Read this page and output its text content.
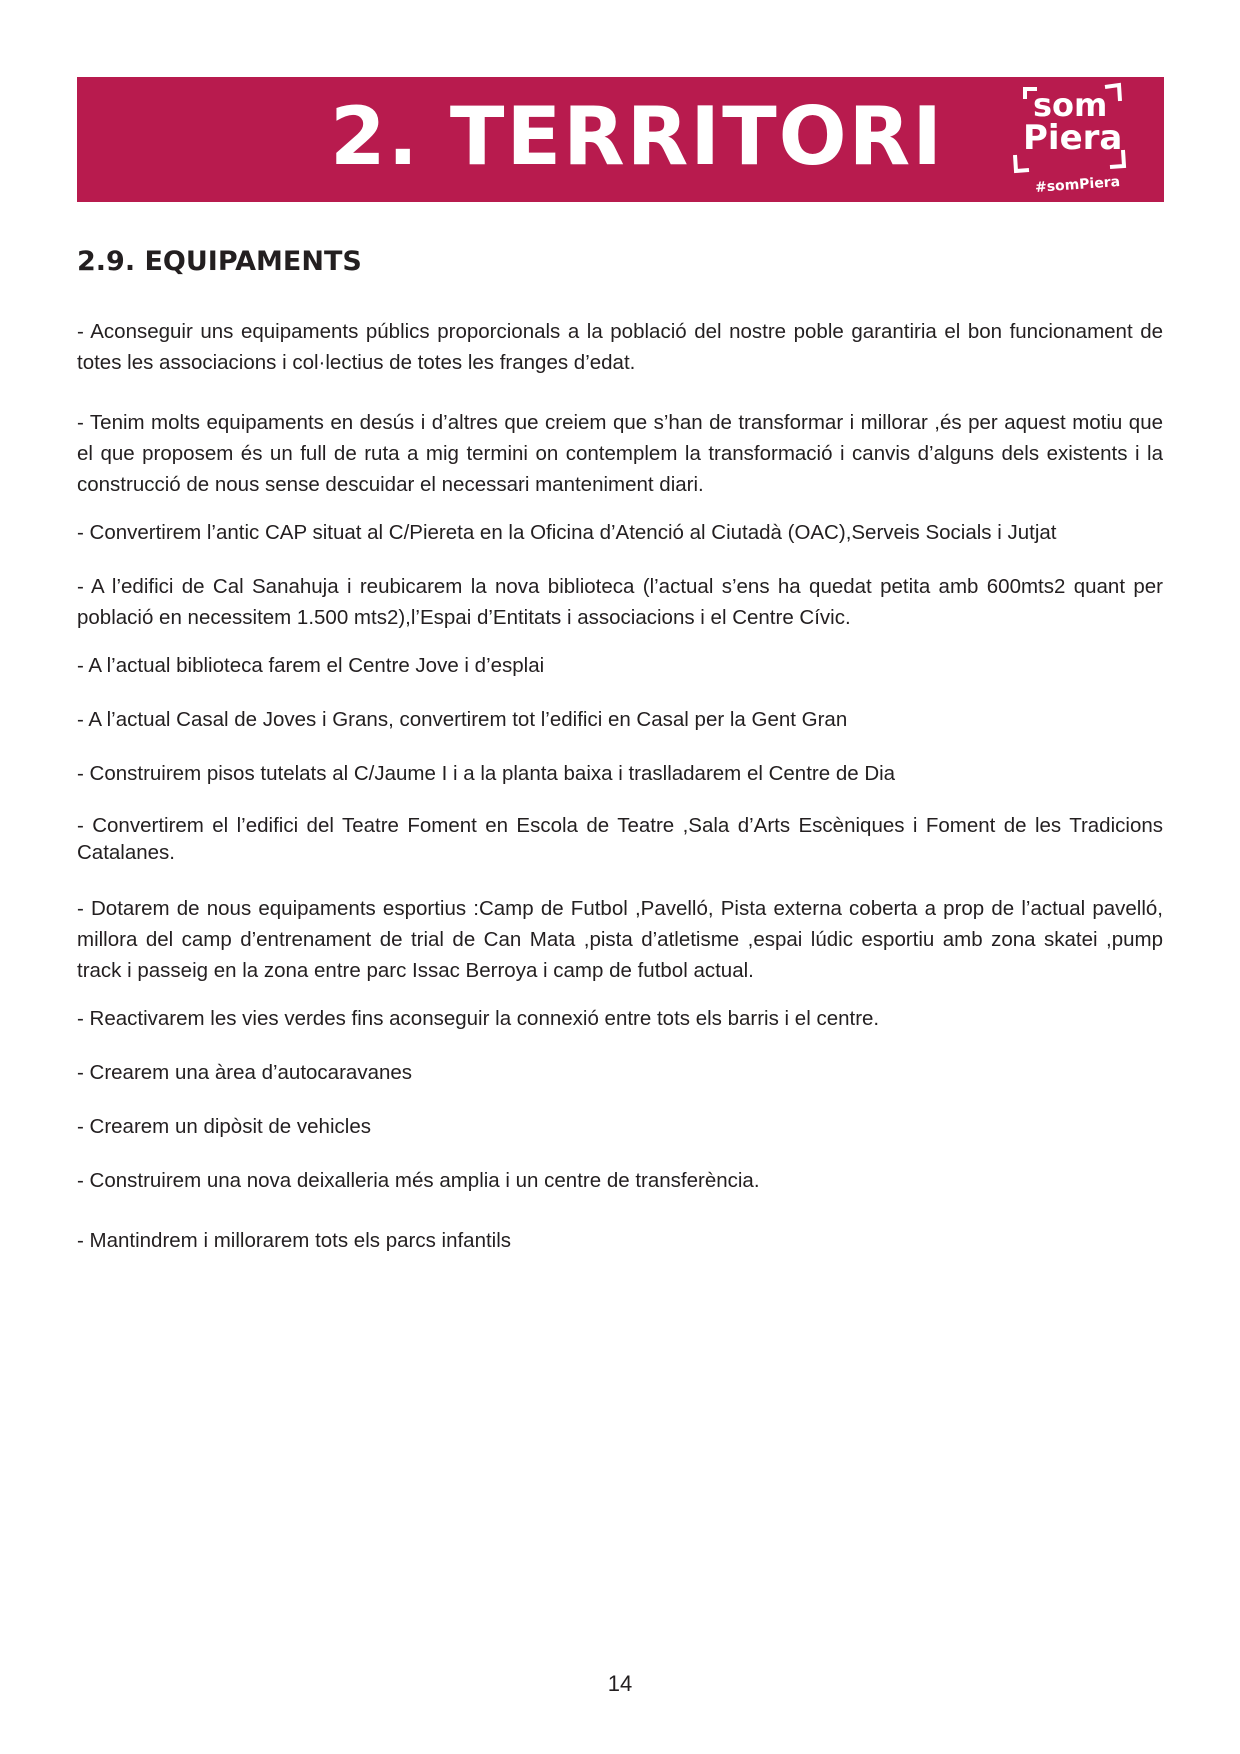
2. TERRITORI	som
Piera
#somPiera
2.9. EQUIPAMENTS

- Aconseguir uns equipaments públics proporcionals a la població del nostre poble garantiria el bon funcionament de totes les associacions i col·lectius de totes les franges d’edat.

- Tenim molts equipaments en desús i d’altres que creiem que s’han de transformar i millorar ,és per aquest motiu que el que proposem és un full de ruta a mig termini on contemplem la transformació i canvis d’alguns dels existents i la construcció de nous sense descuidar el necessari manteniment diari.

- Convertirem l’antic CAP situat al C/Piereta en la Oficina d’Atenció al Ciutadà (OAC),Serveis Socials i Jutjat

- A l’edifici de Cal Sanahuja i reubicarem la nova biblioteca (l’actual s’ens ha quedat petita amb 600mts2 quant per població en necessitem 1.500 mts2),l’Espai d’Entitats i associacions i el Centre Cívic.

- A l’actual biblioteca farem el Centre Jove i d’esplai

- A l’actual Casal de Joves i Grans, convertirem tot l’edifici en Casal per la Gent Gran

- Construirem pisos tutelats al C/Jaume I i a la planta baixa i traslladarem el Centre de Dia

- Convertirem el l’edifici del Teatre Foment en Escola de Teatre ,Sala d’Arts Escèniques i Foment de les Tradicions Catalanes.

- Dotarem de nous equipaments esportius :Camp de Futbol ,Pavelló, Pista externa coberta a prop de l’actual pavelló, millora del camp d’entrenament de trial de Can Mata ,pista d’atletisme ,espai lúdic esportiu amb zona skatei ,pump track i passeig en la zona entre parc Issac Berroya i camp de futbol actual.

- Reactivarem les vies verdes fins aconseguir la connexió entre tots els barris i el centre.

- Crearem una àrea d’autocaravanes

- Crearem un dipòsit de vehicles

- Construirem una nova deixalleria més amplia i un centre de transferència.

- Mantindrem i millorarem tots els parcs infantils

14
